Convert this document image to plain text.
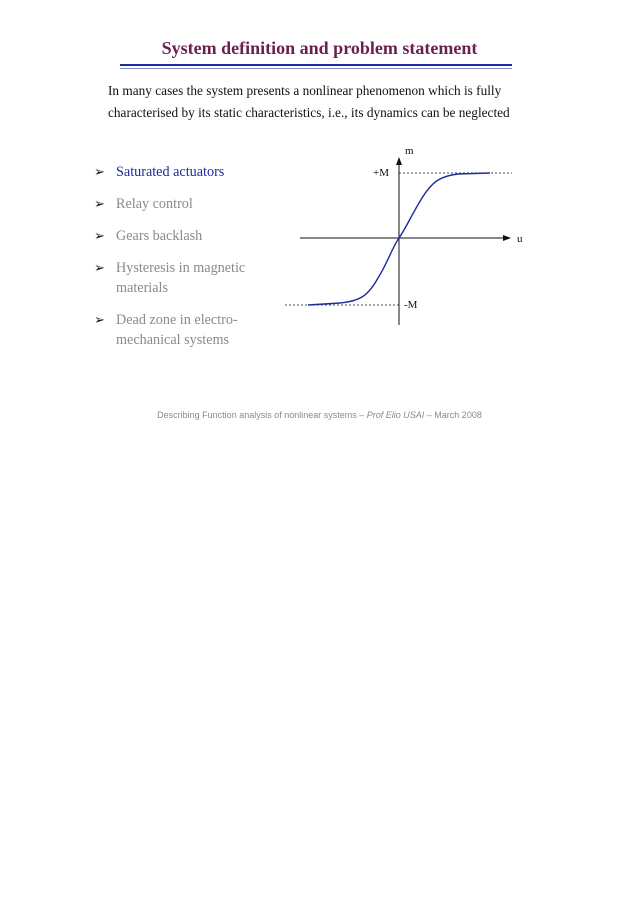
System definition and problem statement
In many cases the system presents a nonlinear phenomenon which is fully
characterised by its static characteristics, i.e., its dynamics can be neglected
➢ Saturated actuators
➢ Relay control
➢ Gears backlash
➢ Hysteresis in magnetic
materials
➢ Dead zone in electro-
mechanical systems
m
u
+M
-M
Describing Function analysis of nonlinear systems – Prof Elio USAI – March 2008
